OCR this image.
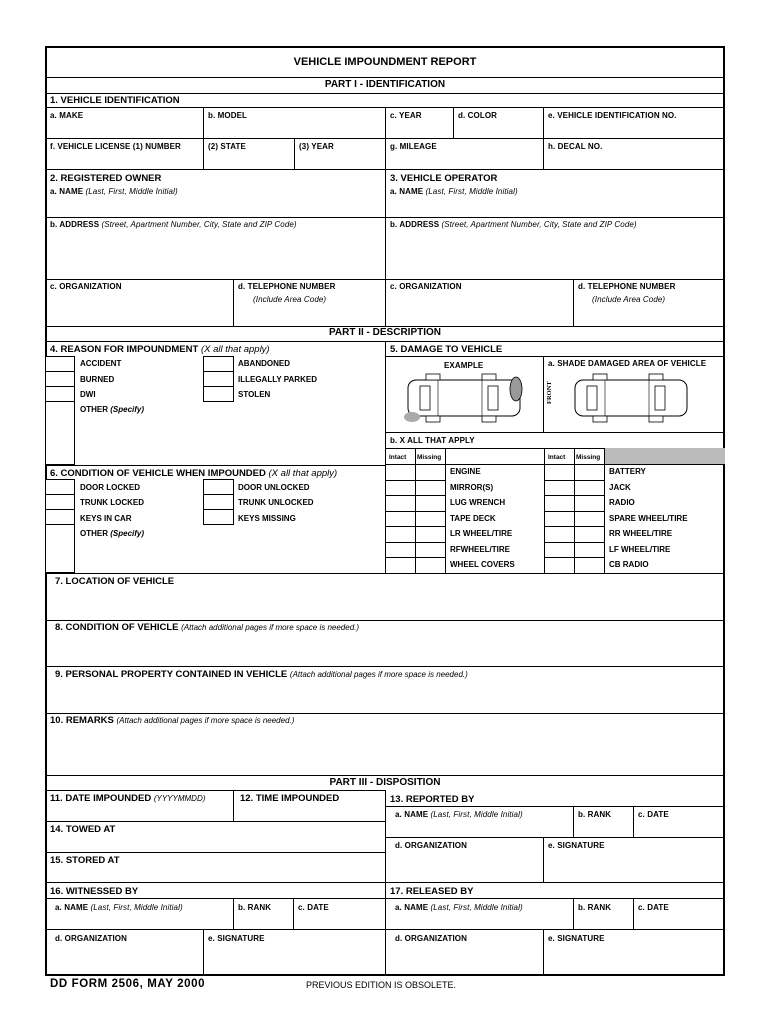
VEHICLE IMPOUNDMENT REPORT
PART I - IDENTIFICATION
1. VEHICLE IDENTIFICATION
a. MAKE	b. MODEL	c. YEAR	d. COLOR	e. VEHICLE IDENTIFICATION NO.
f. VEHICLE LICENSE (1) NUMBER	(2) STATE	(3) YEAR	g. MILEAGE	h. DECAL NO.
2. REGISTERED OWNER
a. NAME (Last, First, Middle Initial)
3. VEHICLE OPERATOR
a. NAME (Last, First, Middle Initial)
b. ADDRESS (Street, Apartment Number, City, State and ZIP Code)	b. ADDRESS (Street, Apartment Number, City, State and ZIP Code)
c. ORGANIZATION	d. TELEPHONE NUMBER
(Include Area Code)
c. ORGANIZATION	d. TELEPHONE NUMBER
(Include Area Code)
PART II - DESCRIPTION
4. REASON FOR IMPOUNDMENT (X all that apply)
ACCIDENT
BURNED
DWI
OTHER (Specify)
ABANDONED
ILLEGALLY PARKED
STOLEN
6. CONDITION OF VEHICLE WHEN IMPOUNDED (X all that apply)
DOOR LOCKED
TRUNK LOCKED
KEYS IN CAR
OTHER (Specify)
DOOR UNLOCKED
TRUNK UNLOCKED
KEYS MISSING
5. DAMAGE TO VEHICLE
EXAMPLE	a. SHADE DAMAGED AREA OF VEHICLE
FRONT
b. X ALL THAT APPLY
Intact Missing	Intact Missing
ENGINE
MIRROR(S)
LUG WRENCH
TAPE DECK
LR WHEEL/TIRE
RFWHEEL/TIRE
WHEEL COVERS
BATTERY
JACK
RADIO
SPARE WHEEL/TIRE
RR WHEEL/TIRE
LF WHEEL/TIRE
CB RADIO
7. LOCATION OF VEHICLE
8. CONDITION OF VEHICLE (Attach additional pages if more space is needed.)
9. PERSONAL PROPERTY CONTAINED IN VEHICLE (Attach additional pages if more space is needed.)
10. REMARKS (Attach additional pages if more space is needed.)
PART III - DISPOSITION
11. DATE IMPOUNDED (YYYYMMDD)	12. TIME IMPOUNDED
14. TOWED AT
15. STORED AT
13. REPORTED BY
a. NAME (Last, First, Middle Initial)	b. RANK	c. DATE
d. ORGANIZATION	e. SIGNATURE
16. WITNESSED BY
a. NAME (Last, First, Middle Initial)	b. RANK	c. DATE
d. ORGANIZATION	e. SIGNATURE
17. RELEASED BY
a. NAME (Last, First, Middle Initial)	b. RANK	c. DATE
d. ORGANIZATION	e. SIGNATURE
DD FORM 2506, MAY 2000	PREVIOUS EDITION IS OBSOLETE.
